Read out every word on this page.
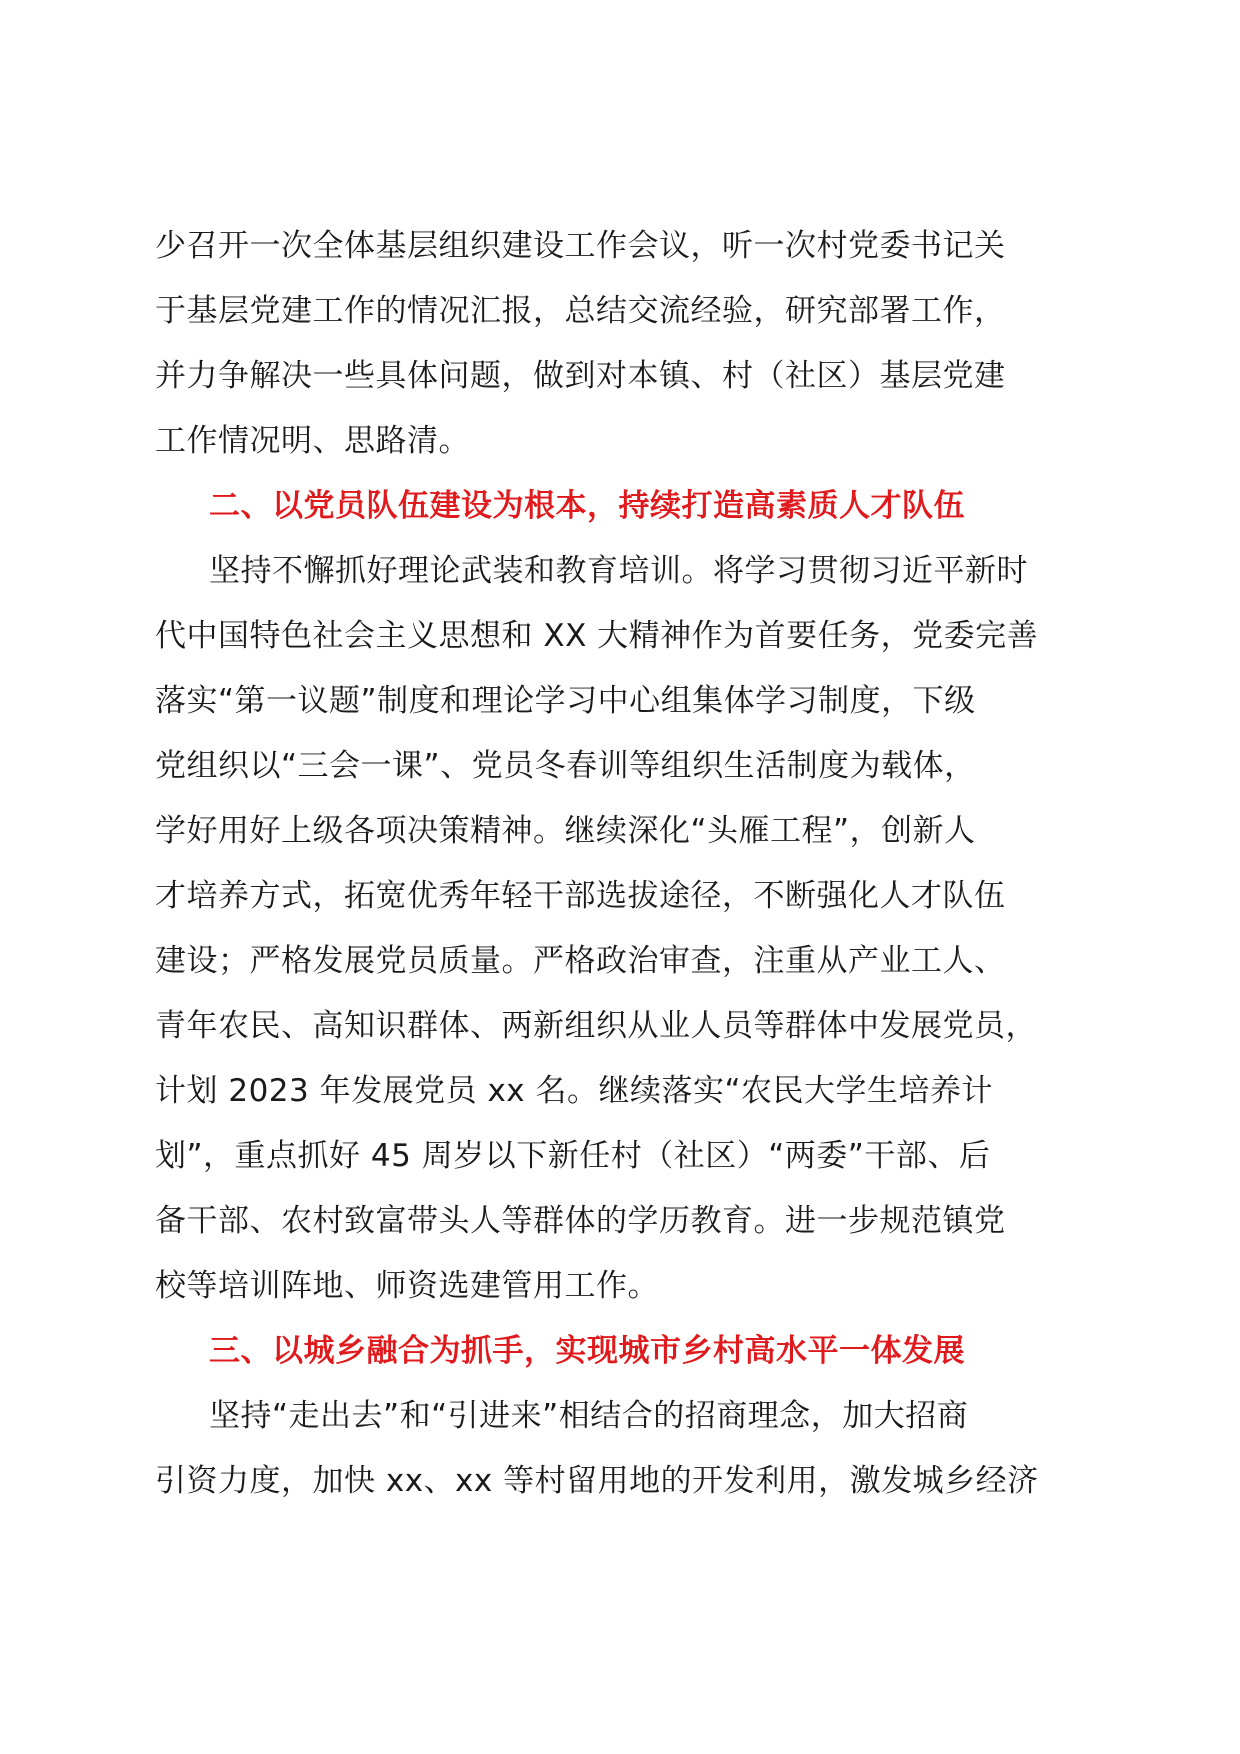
少召开一次全体基层组织建设工作会议，听一次村党委书记关
于基层党建工作的情况汇报，总结交流经验，研究部署工作，
并力争解决一些具体问题，做到对本镇、村（社区）基层党建
工作情况明、思路清。
二、以党员队伍建设为根本，持续打造高素质人才队伍
坚持不懈抓好理论武装和教育培训。将学习贯彻习近平新时
代中国特色社会主义思想和 XX 大精神作为首要任务，党委完善
落实“第一议题”制度和理论学习中心组集体学习制度，下级
党组织以“三会一课”、党员冬春训等组织生活制度为载体，
学好用好上级各项决策精神。继续深化“头雁工程”，创新人
才培养方式，拓宽优秀年轻干部选拔途径，不断强化人才队伍
建设；严格发展党员质量。严格政治审查，注重从产业工人、
青年农民、高知识群体、两新组织从业人员等群体中发展党员，
计划 2023 年发展党员 xx 名。继续落实“农民大学生培养计
划”，重点抓好 45 周岁以下新任村（社区）“两委”干部、后
备干部、农村致富带头人等群体的学历教育。进一步规范镇党
校等培训阵地、师资选建管用工作。
三、以城乡融合为抓手，实现城市乡村高水平一体发展
坚持“走出去”和“引进来”相结合的招商理念，加大招商
引资力度，加快 xx、xx 等村留用地的开发利用，激发城乡经济
